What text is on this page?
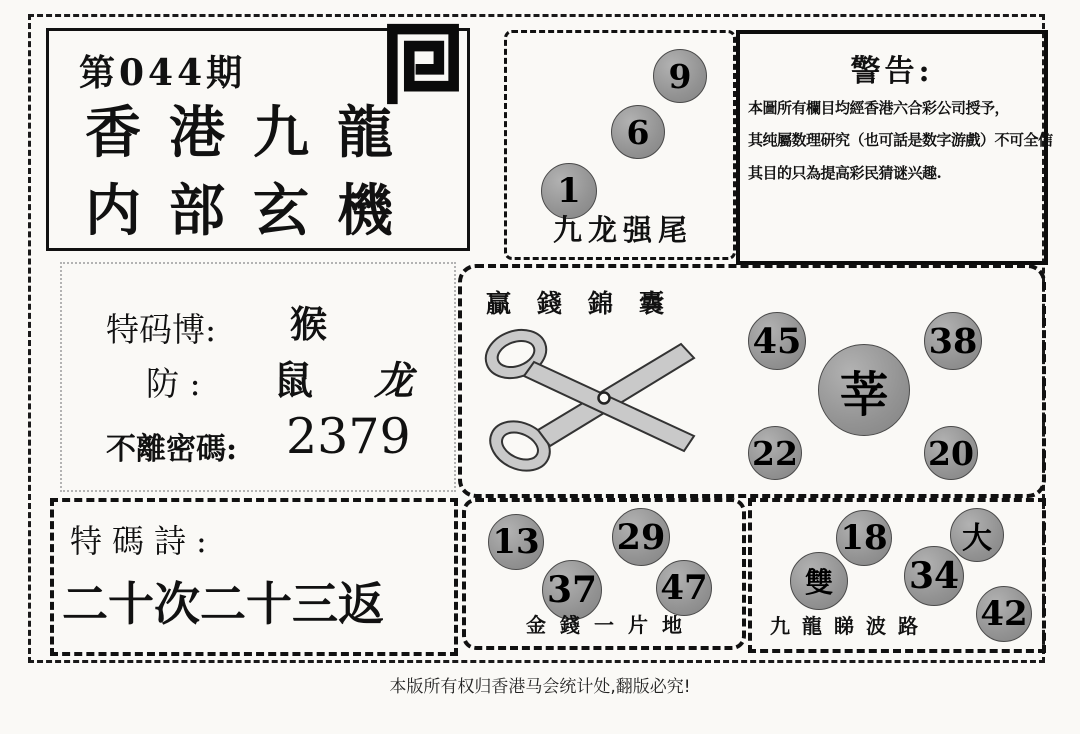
第044期
香港九龍
内部玄機
9
6
1
九龙强尾
警告:
本圖所有欄目均經香港六合彩公司授予，
其纯屬数理研究（也可話是数字游戲）不可全信
其目的只為提高彩民猜谜兴趣.
特码博: 猴
防 : 鼠 龙
不離密碼: 2379
特碼詩:
二十次二十三返
贏錢錦囊
45	38
莘
22	20
13 29
37 47
金錢一片地
18	大
雙	34
42
九龍睇波路
本版所有权归香港马会统计处,翻版必究!
